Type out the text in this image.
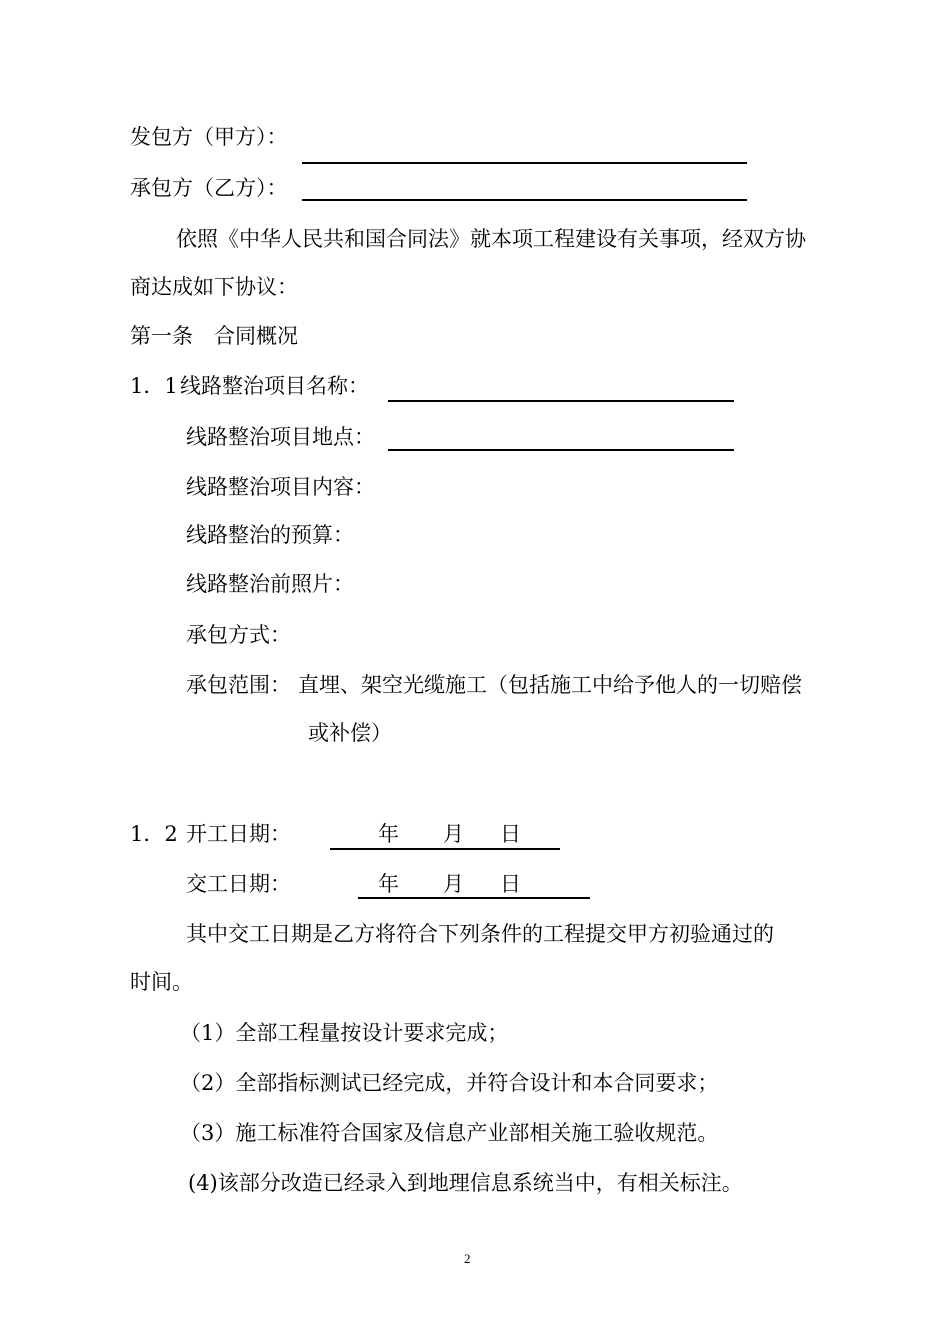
发包方（甲方）：
承包方（乙方）：
依照《中华人民共和国合同法》就本项工程建设有关事项，经双方协
商达成如下协议：
第一条　合同概况
1．1 线路整治项目名称：
线路整治项目地点：
线路整治项目内容：
线路整治的预算：
线路整治前照片：
承包方式：
承包范围： 直埋、架空光缆施工（包括施工中给予他人的一切赔偿
或补偿）
1．2 开工日期：	年 月 日
交工日期：	年 月 日
其中交工日期是乙方将符合下列条件的工程提交甲方初验通过的
时间。
（1）全部工程量按设计要求完成；
（2）全部指标测试已经完成，并符合设计和本合同要求；
（3）施工标准符合国家及信息产业部相关施工验收规范。
(4)该部分改造已经录入到地理信息系统当中，有相关标注。
2
